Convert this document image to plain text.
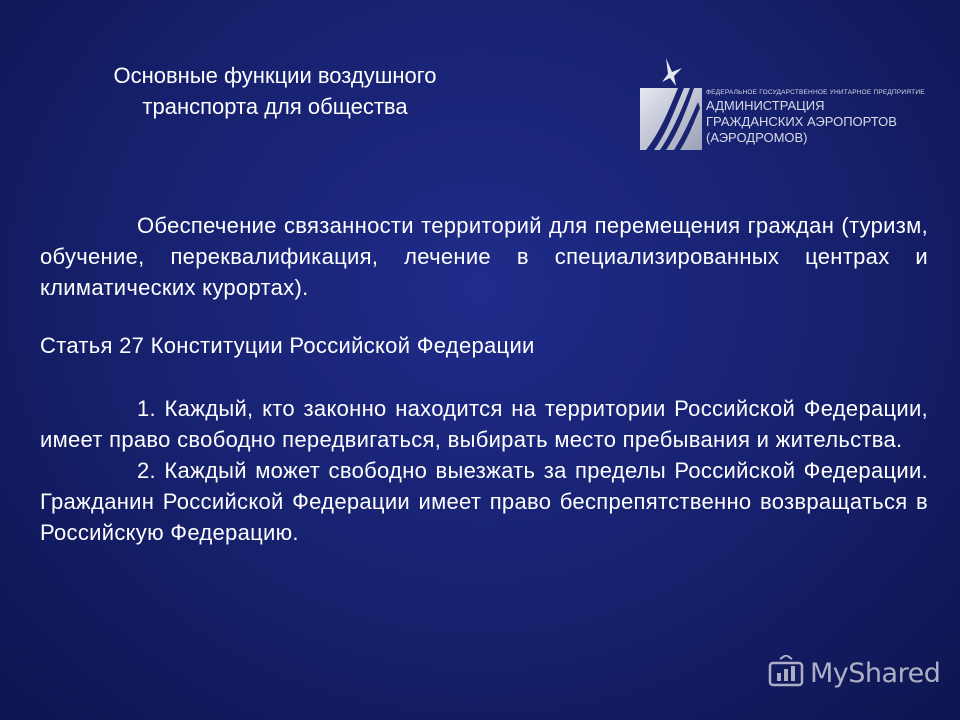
Основные функции воздушного
транспорта для общества
ФЕДЕРАЛЬНОЕ ГОСУДАРСТВЕННОЕ УНИТАРНОЕ ПРЕДПРИЯТИЕ
АДМИНИСТРАЦИЯ
ГРАЖДАНСКИХ АЭРОПОРТОВ
(АЭРОДРОМОВ)

Обеспечение связанности территорий для перемещения граждан (туризм, обучение, переквалификация, лечение в специализированных центрах и климатических курортах).

Статья 27 Конституции Российской Федерации

1. Каждый, кто законно находится на территории Российской Федерации, имеет право свободно передвигаться, выбирать место пребывания и жительства.

2. Каждый может свободно выезжать за пределы Российской Федерации. Гражданин Российской Федерации имеет право беспрепятственно возвращаться в Российскую Федерацию.

MyShared
